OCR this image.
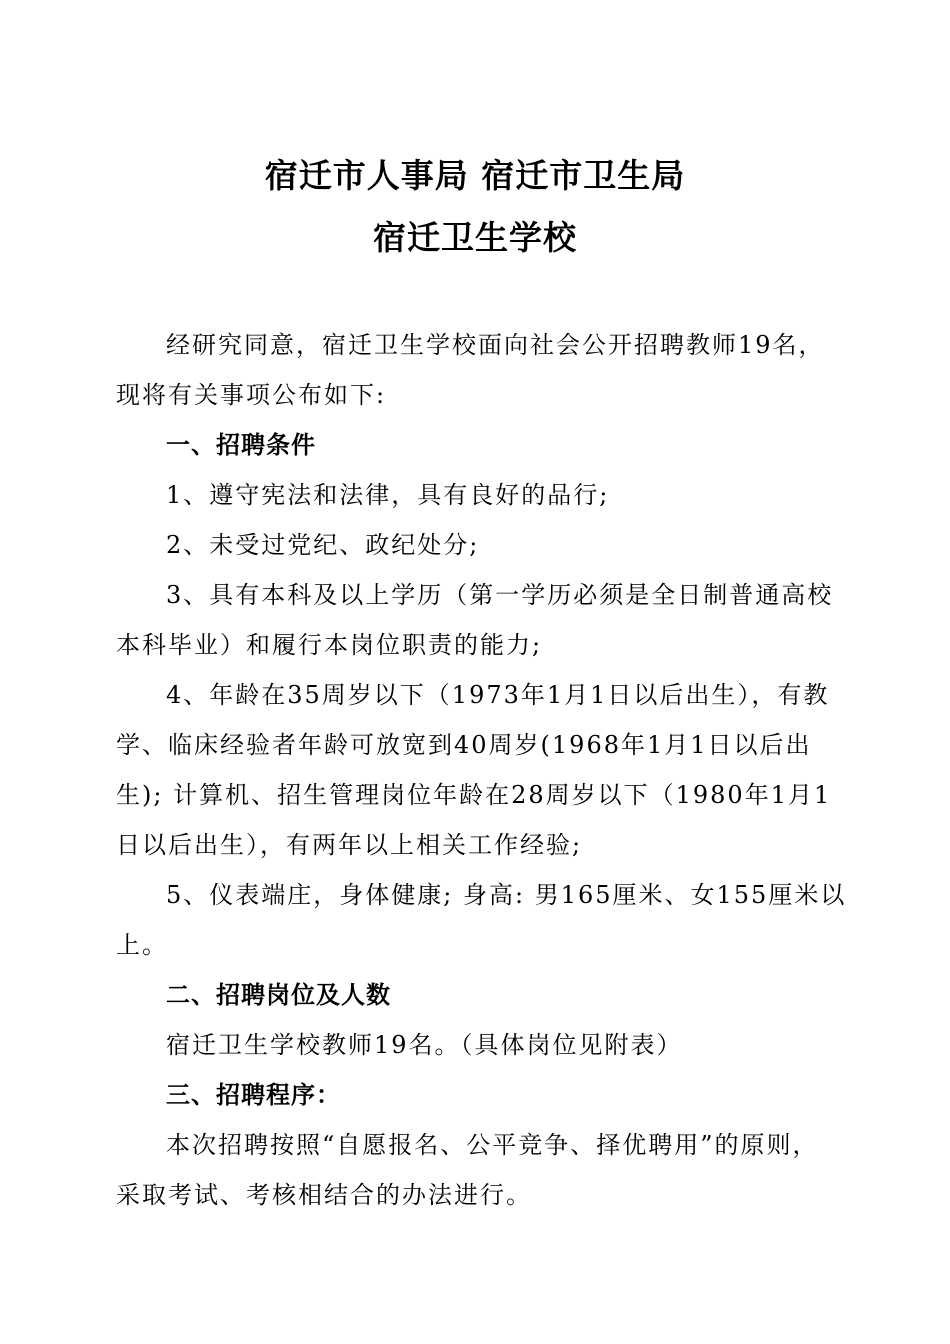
宿迁市人事局 宿迁市卫生局
宿迁卫生学校
经研究同意，宿迁卫生学校面向社会公开招聘教师19名，
现将有关事项公布如下:
一、招聘条件
1、遵守宪法和法律，具有良好的品行;
2、未受过党纪、政纪处分;
3、具有本科及以上学历（第一学历必须是全日制普通高校
本科毕业）和履行本岗位职责的能力;
4、年龄在35周岁以下（1973年1月1日以后出生），有教
学、临床经验者年龄可放宽到40周岁(1968年1月1日以后出
生); 计算机、招生管理岗位年龄在28周岁以下（1980年1月1
日以后出生），有两年以上相关工作经验;
5、仪表端庄，身体健康; 身高: 男165厘米、女155厘米以
上。
二、招聘岗位及人数
宿迁卫生学校教师19名。（具体岗位见附表）
三、招聘程序：
本次招聘按照“自愿报名、公平竞争、择优聘用”的原则，
采取考试、考核相结合的办法进行。
